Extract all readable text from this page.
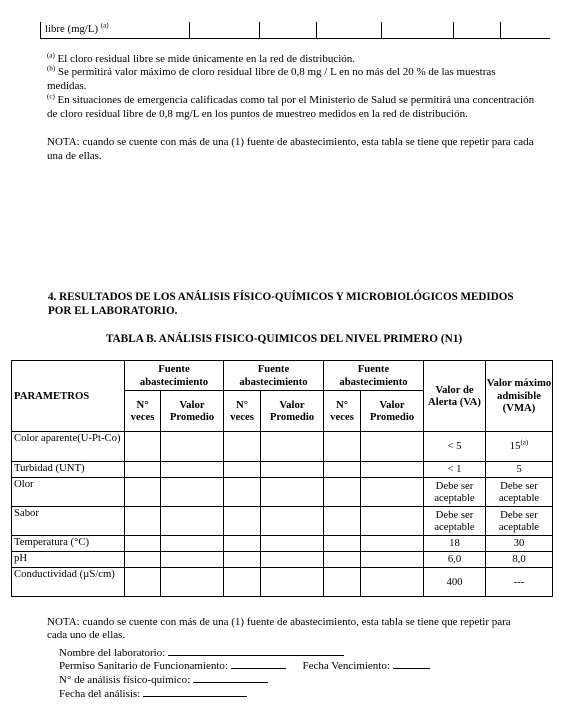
libre (mg/L) $^{(a)}$
$^{(a)}$ El cloro residual libre se mide únicamente en la red de distribución.
$^{(b)}$ Se permitirá valor máximo de cloro residual libre de 0,8 mg / L en no más del 20 % de las muestras medidas.
$^{(c)}$ En situaciones de emergencia calificadas como tal por el Ministerio de Salud se permitirá una concentración de cloro residual libre de 0,8 mg/L en los puntos de muestreo medidos en la red de distribución.
NOTA: cuando se cuente con más de una (1) fuente de abastecimiento, esta tabla se tiene que repetir para cada una de ellas.
4. RESULTADOS DE LOS ANÁLISIS FÍSICO-QUÍMICOS Y MICROBIOLÓGICOS MEDIDOS POR EL LABORATORIO.
TABLA B. ANÁLISIS FISICO-QUIMICOS DEL NIVEL PRIMERO (N1)
PARAMETROS	Fuente abastecimiento		Fuente abastecimiento		Fuente abastecimiento		Valor de Alerta (VA)	Valor máximo admisible (VMA)
	N° veces	Valor Promedio	N° veces	Valor Promedio	N° veces	Valor Promedio		
Color aparente(U-Pt-Co)							< 5	15$^{(a)}$
Turbidad (UNT)							< 1	5
Olor							Debe ser aceptable	Debe ser aceptable
Sabor							Debe ser aceptable	Debe ser aceptable
Temperatura (°C)							18	30
pH							6,0	8,0
Conductividad (µS/cm)							400	---
NOTA: cuando se cuente con más de una (1) fuente de abastecimiento, esta tabla se tiene que repetir para cada uno de ellas.
Nombre del laboratorio:
Permiso Sanitario de Funcionamiento:	Fecha Vencimiento:
N° de análisis físico-químico:
Fecha del análisis:
